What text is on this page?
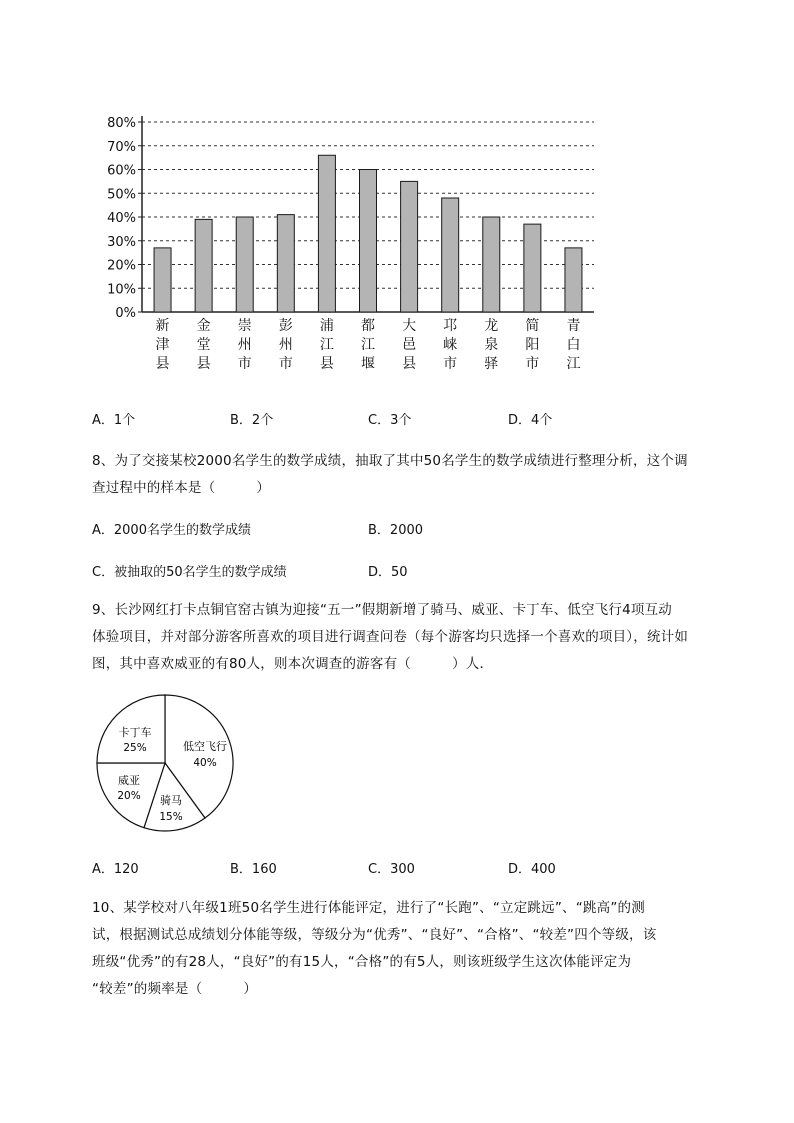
0%
10%
20%
30%
40%
50%
60%
70%
80%
新津县
金堂县
崇州市
彭州市
浦江县
都江堰
大邑县
邛崃市
龙泉驿
简阳市
青白江
A．1个	B．2个	C．3个	D．4个
8、为了交接某校2000名学生的数学成绩，抽取了其中50名学生的数学成绩进行整理分析，这个调
查过程中的样本是（　　　）
A．2000名学生的数学成绩	B．2000
C．被抽取的50名学生的数学成绩	D．50
9、长沙网红打卡点铜官窑古镇为迎接“五一”假期新增了骑马、威亚、卡丁车、低空飞行4项互动
体验项目，并对部分游客所喜欢的项目进行调查问卷（每个游客均只选择一个喜欢的项目），统计如
图，其中喜欢威亚的有80人，则本次调查的游客有（　　　）人．
低空飞行
40%
骑马
15%
威亚
20%
卡丁车
25%
A．120	B．160	C．300	D．400
10、某学校对八年级1班50名学生进行体能评定，进行了“长跑”、“立定跳远”、“跳高”的测
试，根据测试总成绩划分体能等级，等级分为“优秀”、“良好”、“合格”、“较差”四个等级，该
班级“优秀”的有28人，“良好”的有15人，“合格”的有5人，则该班级学生这次体能评定为
“较差”的频率是（　　　）
